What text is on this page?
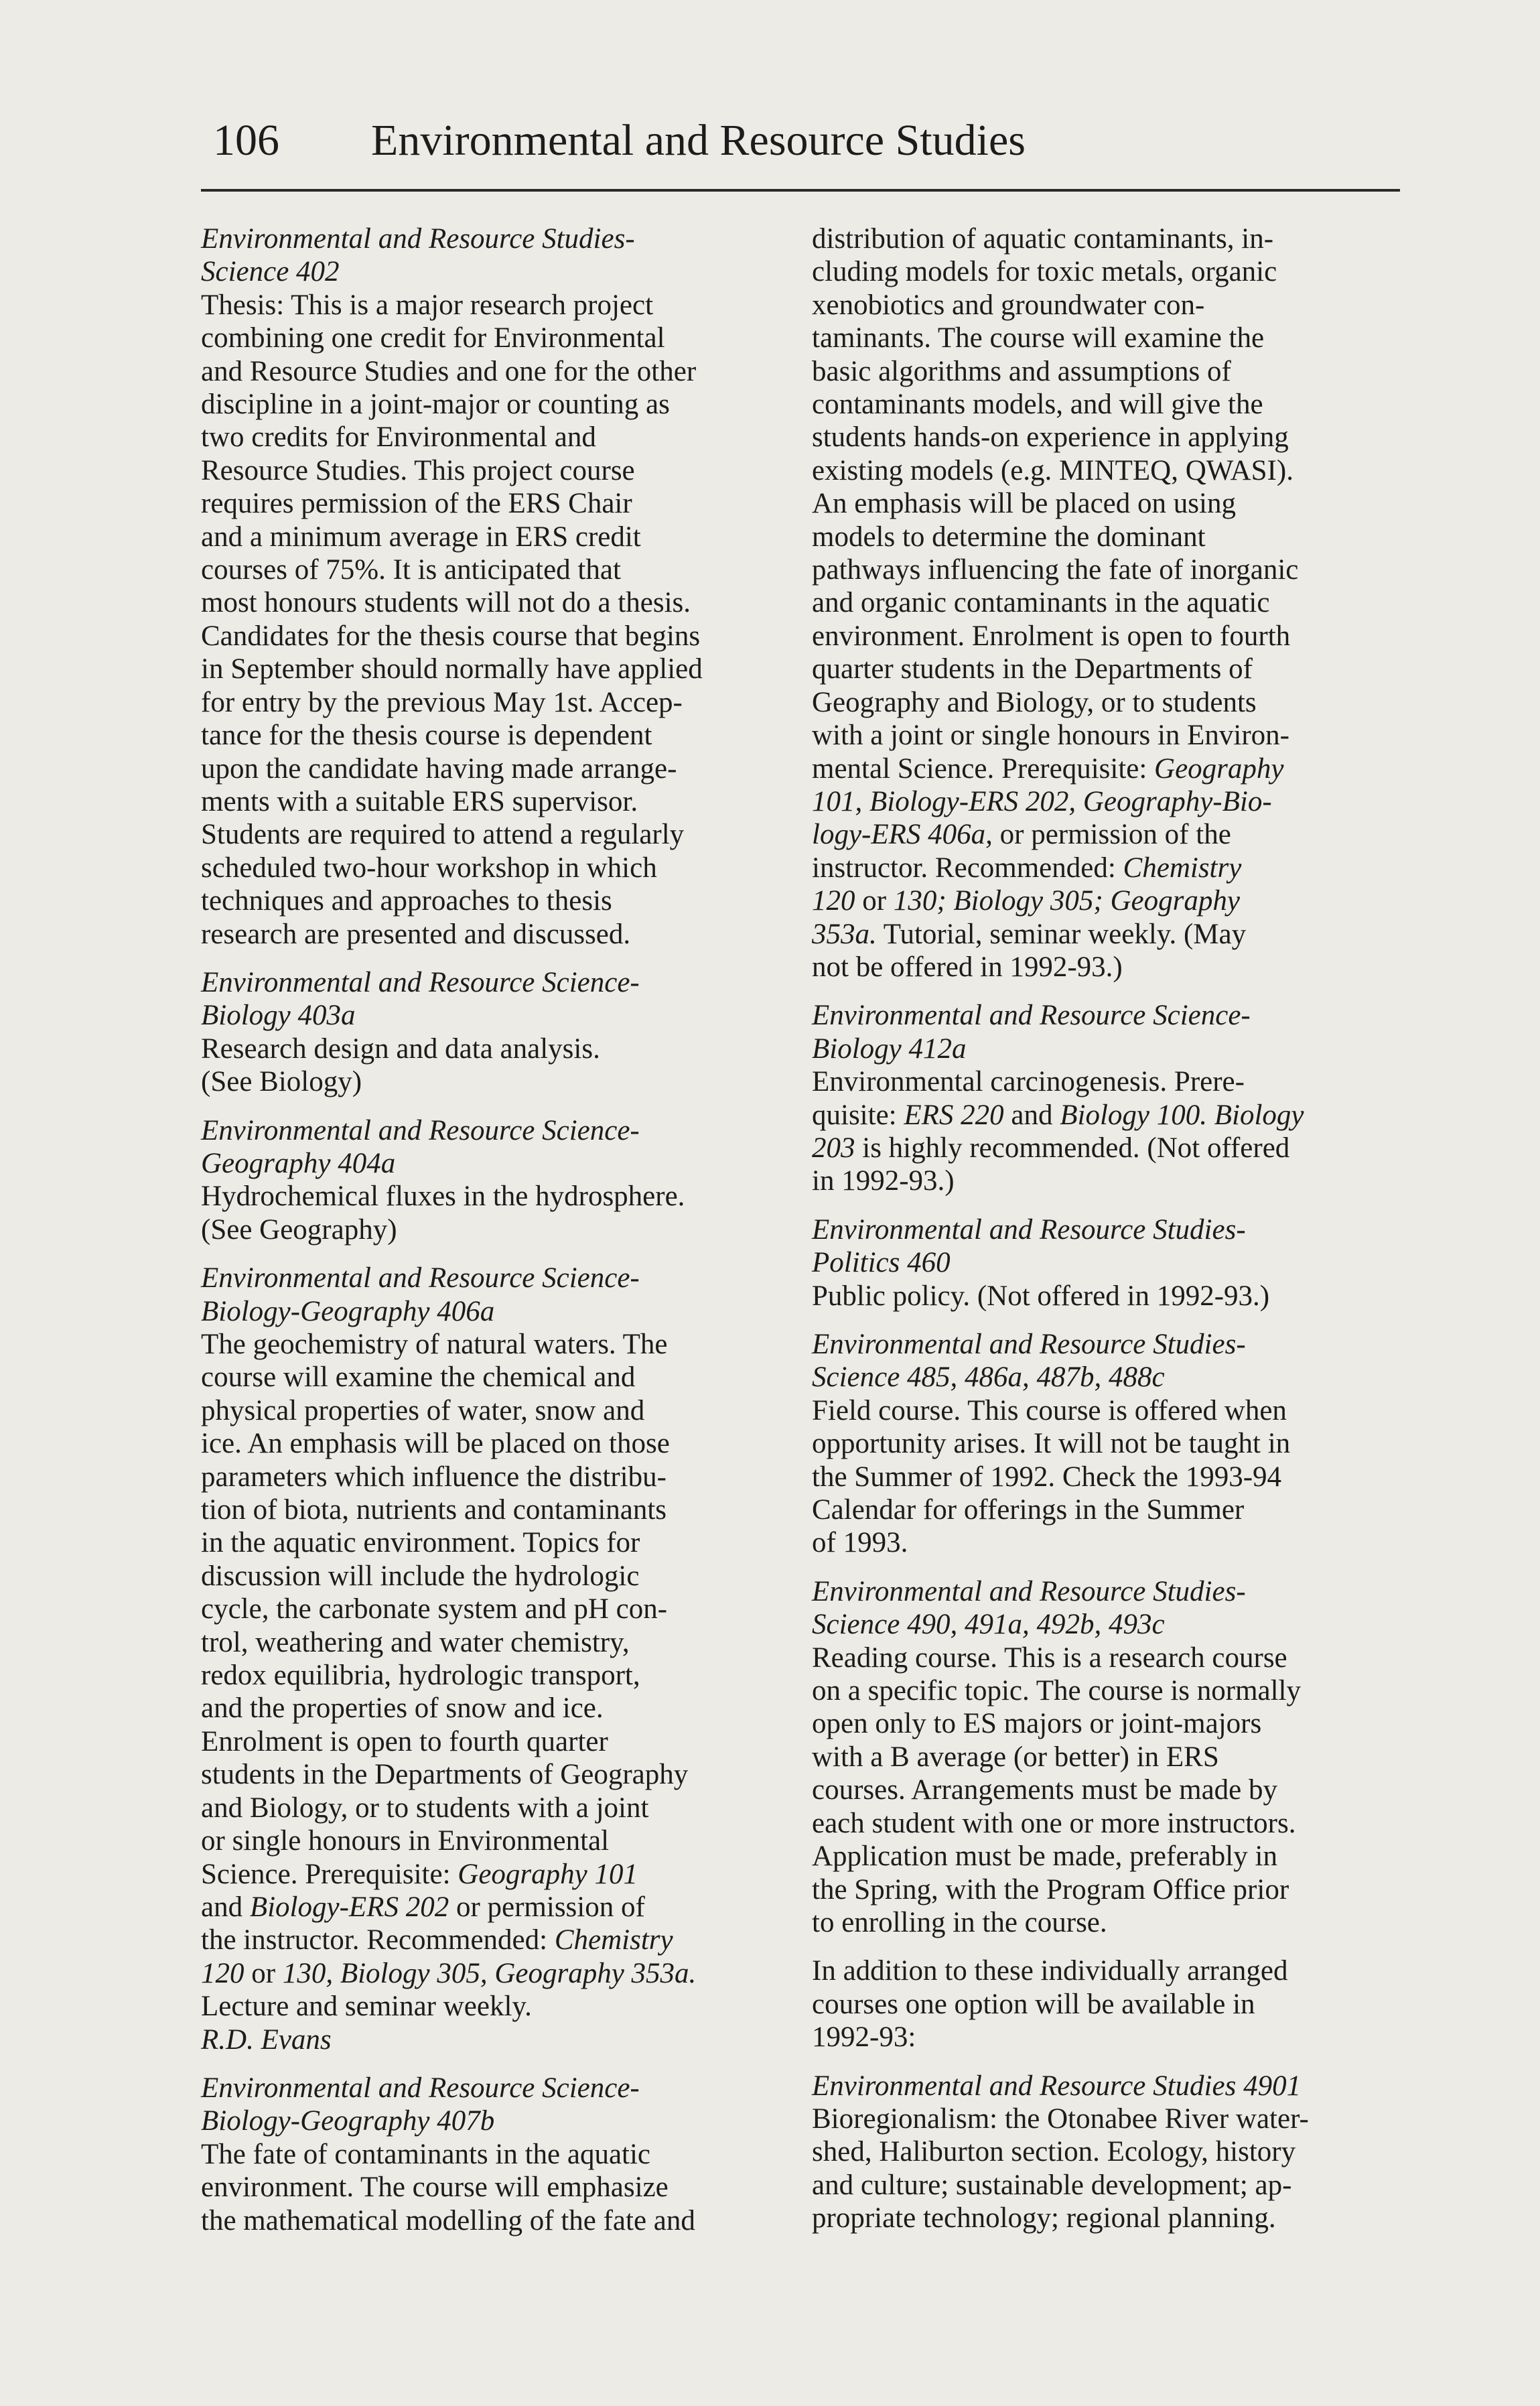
106 Environmental and Resource Studies
Environmental and Resource Studies-
Science 402
Thesis: This is a major research project
combining one credit for Environmental
and Resource Studies and one for the other
discipline in a joint-major or counting as
two credits for Environmental and
Resource Studies. This project course
requires permission of the ERS Chair
and a minimum average in ERS credit
courses of 75%. It is anticipated that
most honours students will not do a thesis.
Candidates for the thesis course that begins
in September should normally have applied
for entry by the previous May 1st. Accep-
tance for the thesis course is dependent
upon the candidate having made arrange-
ments with a suitable ERS supervisor.
Students are required to attend a regularly
scheduled two-hour workshop in which
techniques and approaches to thesis
research are presented and discussed.
Environmental and Resource Science-
Biology 403a
Research design and data analysis.
(See Biology)
Environmental and Resource Science-
Geography 404a
Hydrochemical fluxes in the hydrosphere.
(See Geography)
Environmental and Resource Science-
Biology-Geography 406a
The geochemistry of natural waters. The
course will examine the chemical and
physical properties of water, snow and
ice. An emphasis will be placed on those
parameters which influence the distribu-
tion of biota, nutrients and contaminants
in the aquatic environment. Topics for
discussion will include the hydrologic
cycle, the carbonate system and pH con-
trol, weathering and water chemistry,
redox equilibria, hydrologic transport,
and the properties of snow and ice.
Enrolment is open to fourth quarter
students in the Departments of Geography
and Biology, or to students with a joint
or single honours in Environmental
Science. Prerequisite: Geography 101
and Biology-ERS 202 or permission of
the instructor. Recommended: Chemistry
120 or 130, Biology 305, Geography 353a.
Lecture and seminar weekly.
R.D. Evans
Environmental and Resource Science-
Biology-Geography 407b
The fate of contaminants in the aquatic
environment. The course will emphasize
the mathematical modelling of the fate and
distribution of aquatic contaminants, in-
cluding models for toxic metals, organic
xenobiotics and groundwater con-
taminants. The course will examine the
basic algorithms and assumptions of
contaminants models, and will give the
students hands-on experience in applying
existing models (e.g. MINTEQ, QWASI).
An emphasis will be placed on using
models to determine the dominant
pathways influencing the fate of inorganic
and organic contaminants in the aquatic
environment. Enrolment is open to fourth
quarter students in the Departments of
Geography and Biology, or to students
with a joint or single honours in Environ-
mental Science. Prerequisite: Geography
101, Biology-ERS 202, Geography-Bio-
logy-ERS 406a, or permission of the
instructor. Recommended: Chemistry
120 or 130; Biology 305; Geography
353a. Tutorial, seminar weekly. (May
not be offered in 1992-93.)
Environmental and Resource Science-
Biology 412a
Environmental carcinogenesis. Prere-
quisite: ERS 220 and Biology 100. Biology
203 is highly recommended. (Not offered
in 1992-93.)
Environmental and Resource Studies-
Politics 460
Public policy. (Not offered in 1992-93.)
Environmental and Resource Studies-
Science 485, 486a, 487b, 488c
Field course. This course is offered when
opportunity arises. It will not be taught in
the Summer of 1992. Check the 1993-94
Calendar for offerings in the Summer
of 1993.
Environmental and Resource Studies-
Science 490, 491a, 492b, 493c
Reading course. This is a research course
on a specific topic. The course is normally
open only to ES majors or joint-majors
with a B average (or better) in ERS
courses. Arrangements must be made by
each student with one or more instructors.
Application must be made, preferably in
the Spring, with the Program Office prior
to enrolling in the course.
In addition to these individually arranged
courses one option will be available in
1992-93:
Environmental and Resource Studies 4901
Bioregionalism: the Otonabee River water-
shed, Haliburton section. Ecology, history
and culture; sustainable development; ap-
propriate technology; regional planning.
